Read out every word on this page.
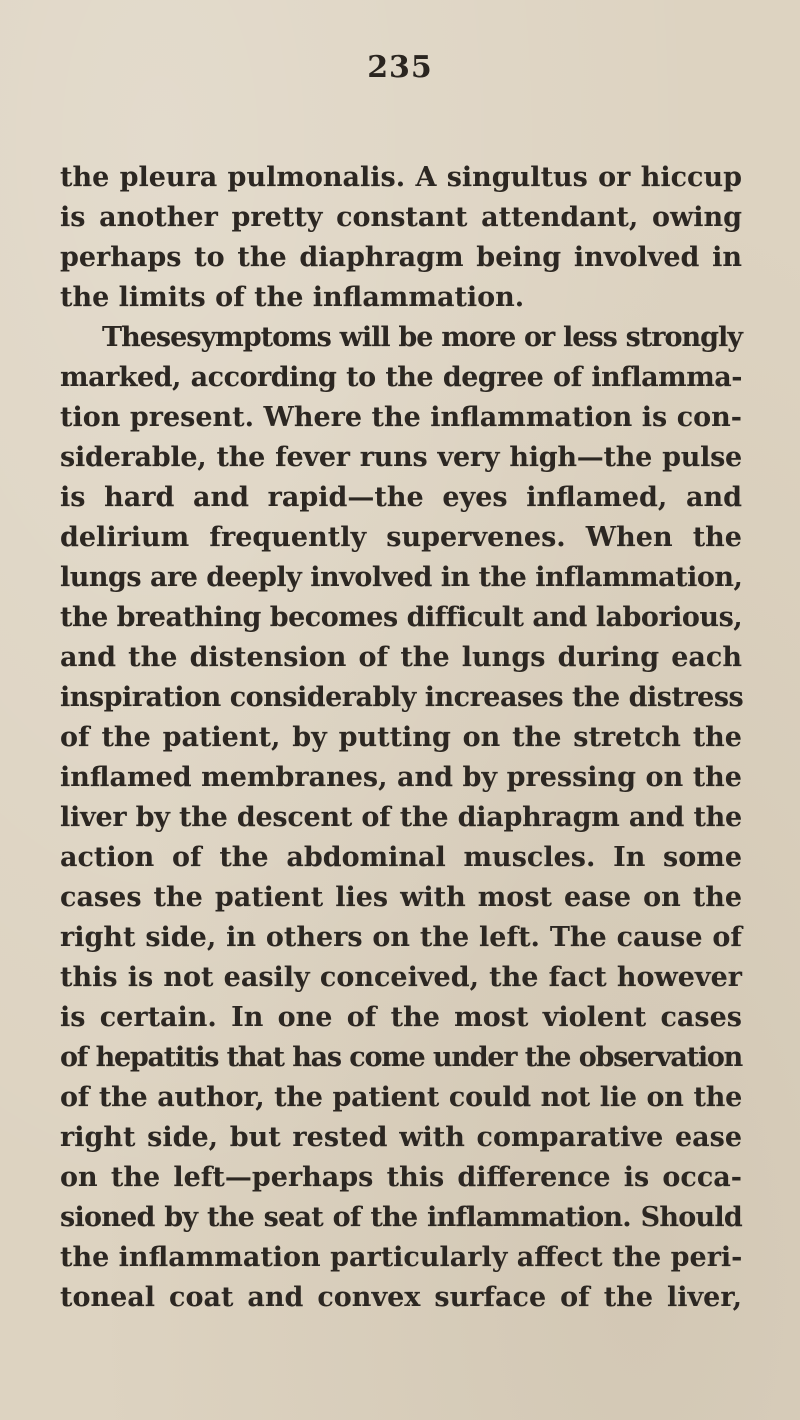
235
the pleura pulmonalis. A singultus or hiccup
is another pretty constant attendant, owing
perhaps to the diaphragm being involved in
the limits of the inflammation.
Thesesymptoms will be more or less strongly
marked, according to the degree of inflamma-
tion present. Where the inflammation is con-
siderable, the fever runs very high—the pulse
is hard and rapid—the eyes inflamed, and
delirium frequently supervenes. When the
lungs are deeply involved in the inflammation,
the breathing becomes difficult and laborious,
and the distension of the lungs during each
inspiration considerably increases the distress
of the patient, by putting on the stretch the
inflamed membranes, and by pressing on the
liver by the descent of the diaphragm and the
action of the abdominal muscles. In some
cases the patient lies with most ease on the
right side, in others on the left. The cause of
this is not easily conceived, the fact however
is certain. In one of the most violent cases
of hepatitis that has come under the observation
of the author, the patient could not lie on the
right side, but rested with comparative ease
on the left—perhaps this difference is occa-
sioned by the seat of the inflammation. Should
the inflammation particularly affect the peri-
toneal coat and convex surface of the liver,
